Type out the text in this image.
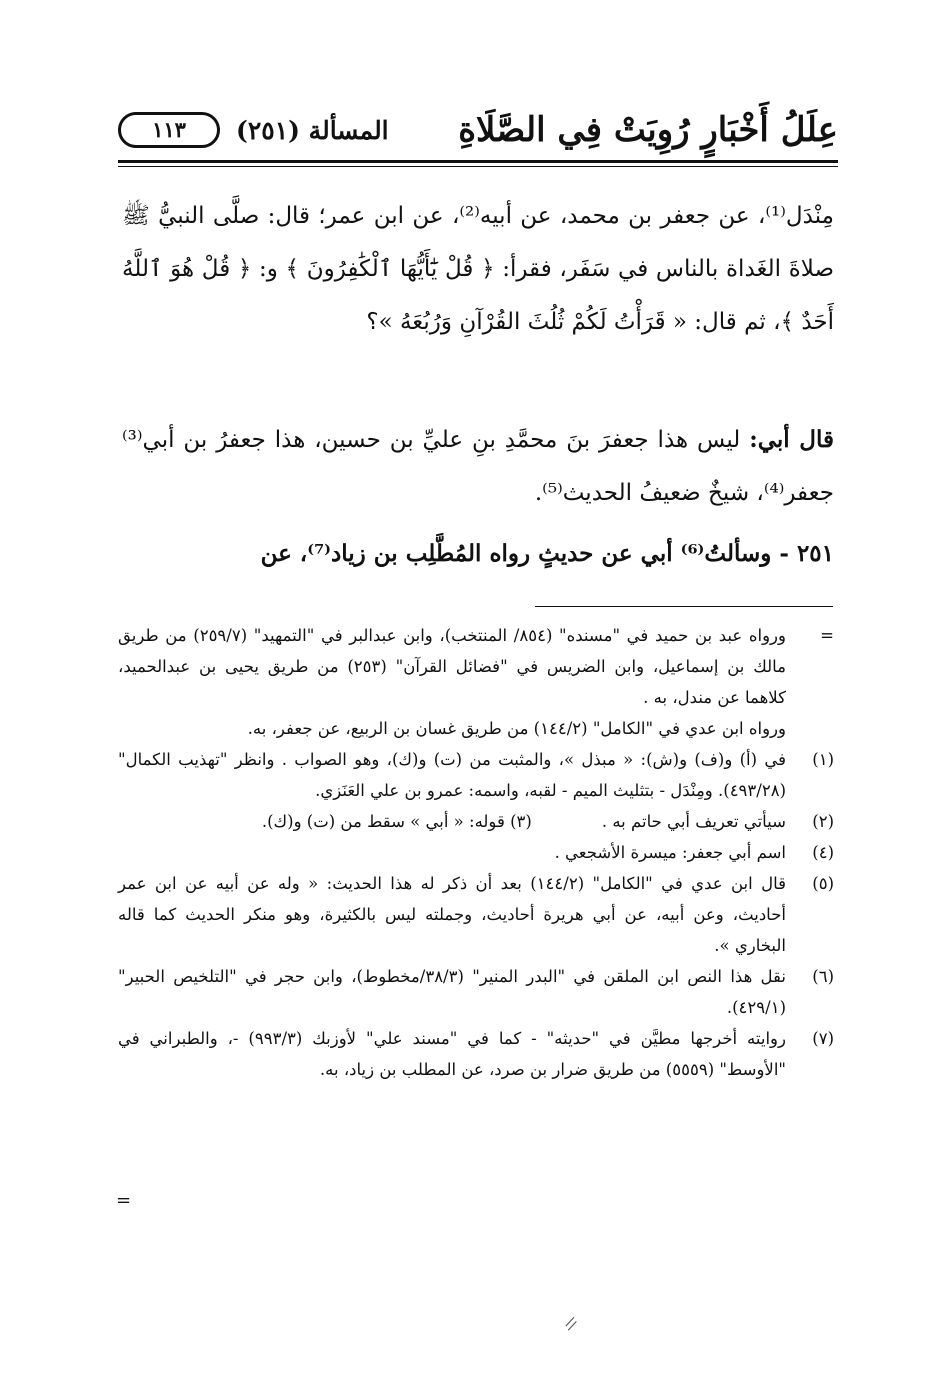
عِلَلُ أَخْبَارٍ رُوِيَتْ فِي الصَّلَاةِ
المسألة (٢٥١)
١١٣
مِنْدَل⁽¹⁾، عن جعفر بن محمد، عن أبيه⁽²⁾، عن ابن عمر؛ قال: صلَّى النبيُّ ﷺ صلاةَ الغَداة بالناس في سَفَر، فقرأ: ﴿ قُلْ يَٰٓأَيُّهَا ٱلْكَٰفِرُونَ ﴾ و: ﴿ قُلْ هُوَ ٱللَّهُ أَحَدٌ ﴾، ثم قال: « قَرَأْتُ لَكُمْ ثُلُثَ القُرْآنِ وَرُبُعَهُ »؟
قال أبي: ليس هذا جعفرَ بنَ محمَّدِ بنِ عليِّ بن حسين، هذا جعفرُ بن أبي⁽³⁾ جعفر⁽⁴⁾، شيخٌ ضعيفُ الحديث⁽⁵⁾.
٢٥١ - وسألتُ⁽⁶⁾ أبي عن حديثٍ رواه المُطَّلِب بن زياد⁽⁷⁾، عن
=
ورواه عبد بن حميد في "مسنده" (٨٥٤/ المنتخب)، وابن عبدالبر في "التمهيد" (٢٥٩/٧) من طريق مالك بن إسماعيل، وابن الضريس في "فضائل القرآن" (٢٥٣) من طريق يحيى بن عبدالحميد، كلاهما عن مندل، به .
ورواه ابن عدي في "الكامل" (١٤٤/٢) من طريق غسان بن الربيع، عن جعفر، به.
(١)
في (أ) و(ف) و(ش): « مبذل »، والمثبت من (ت) و(ك)، وهو الصواب . وانظر "تهذيب الكمال" (٤٩٣/٢٨). ومِنْدَل - بتثليث الميم - لقبه، واسمه: عمرو بن علي العَنَزي.
(٢)
سيأتي تعريف أبي حاتم به .
(٣) قوله: « أبي » سقط من (ت) و(ك).
(٤)
اسم أبي جعفر: ميسرة الأشجعي .
(٥)
قال ابن عدي في "الكامل" (١٤٤/٢) بعد أن ذكر له هذا الحديث: « وله عن أبيه عن ابن عمر أحاديث، وعن أبيه، عن أبي هريرة أحاديث، وجملته ليس بالكثيرة، وهو منكر الحديث كما قاله البخاري ».
(٦)
نقل هذا النص ابن الملقن في "البدر المنير" (٣٨/٣/مخطوط)، وابن حجر في "التلخيص الحبير" (٤٢٩/١).
(٧)
روايته أخرجها مطيَّن في "حديثه" - كما في "مسند علي" لأوزبك (٩٩٣/٣) -، والطبراني في "الأوسط" (٥٥٥٩) من طريق ضرار بن صرد، عن المطلب بن زياد، به.
=
\\
